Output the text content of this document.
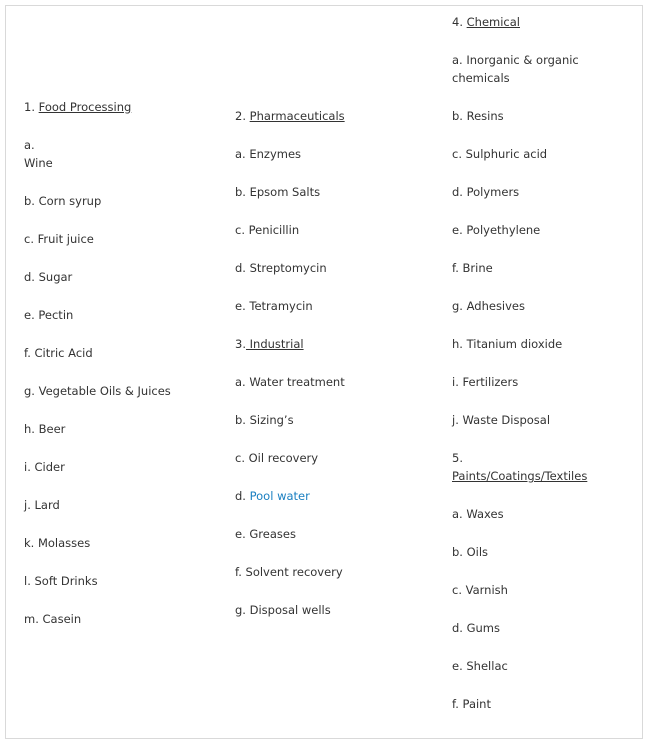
1. Food Processing
a.
Wine
b. Corn syrup
c. Fruit juice
d. Sugar
e. Pectin
f. Citric Acid
g. Vegetable Oils & Juices
h. Beer
i. Cider
j. Lard
k. Molasses
l. Soft Drinks
m. Casein
2. Pharmaceuticals
a. Enzymes
b. Epsom Salts
c. Penicillin
d. Streptomycin
e. Tetramycin
3. Industrial
a. Water treatment
b. Sizing’s
c. Oil recovery
d. Pool water
e. Greases
f. Solvent recovery
g. Disposal wells
4. Chemical
a. Inorganic & organic chemicals
b. Resins
c. Sulphuric acid
d. Polymers
e. Polyethylene
f. Brine
g. Adhesives
h. Titanium dioxide
i. Fertilizers
j. Waste Disposal
5.
Paints/Coatings/Textiles
a. Waxes
b. Oils
c. Varnish
d. Gums
e. Shellac
f. Paint
